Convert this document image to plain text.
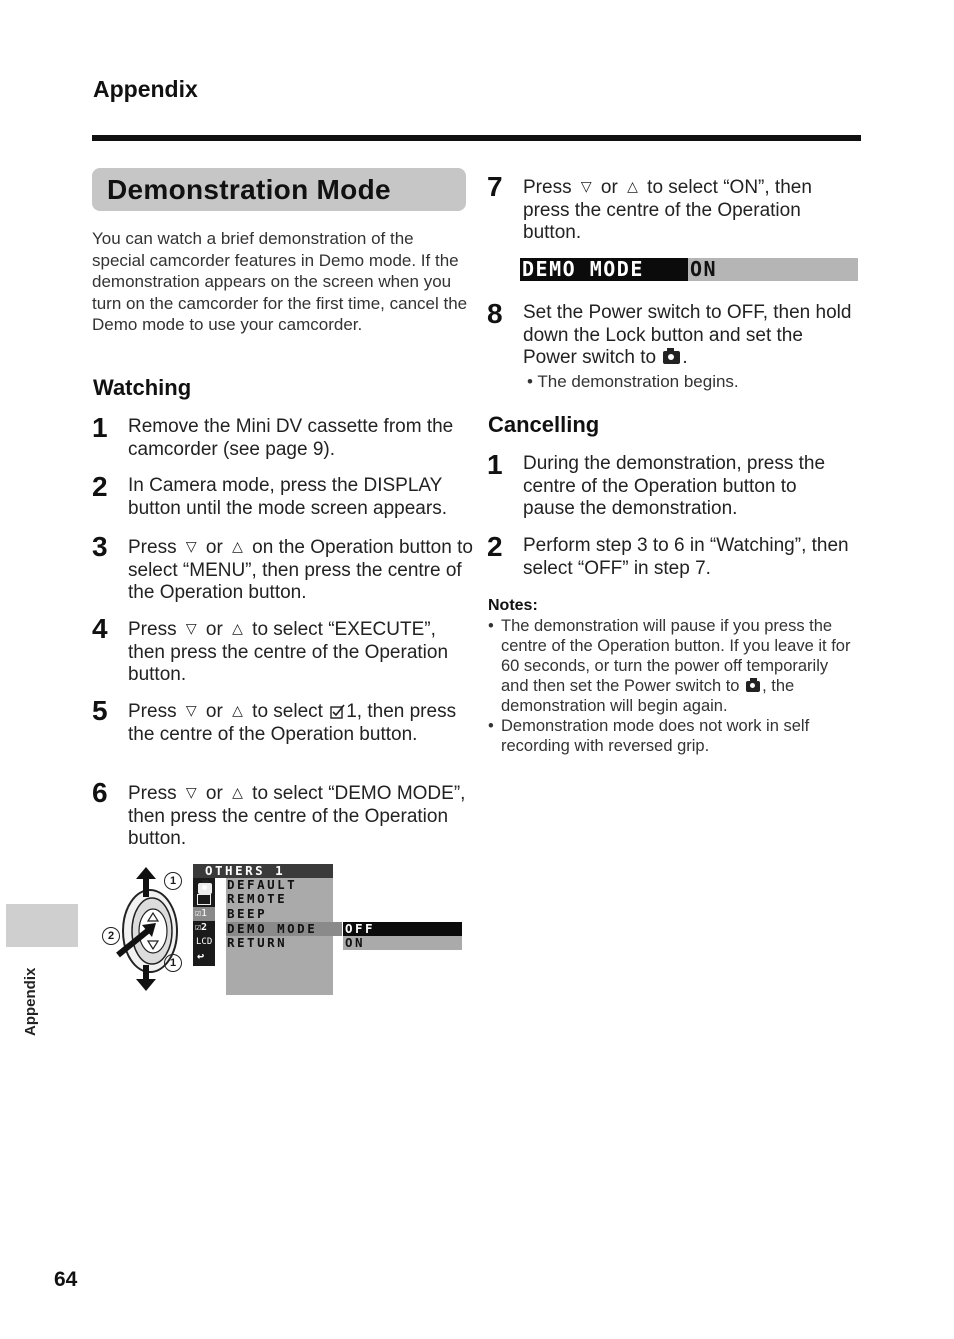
Appendix
Demonstration Mode
You can watch a brief demonstration of the special camcorder features in Demo mode. If the demonstration appears on the screen when you turn on the camcorder for the first time, cancel the Demo mode to use your camcorder.
Watching
1	Remove the Mini DV cassette from the camcorder (see page 9).
2	In Camera mode, press the DISPLAY button until the mode screen appears.
3	Press ▽ or △ on the Operation button to select “MENU”, then press the centre of the Operation button.
4	Press ▽ or △ to select “EXECUTE”, then press the centre of the Operation button.
5	Press ▽ or △ to select 1, then press the centre of the Operation button.
6	Press ▽ or △ to select “DEMO MODE”, then press the centre of the Operation button.
1
2
1
OTHERS 1
☑1
☑2
LCD
↩
DEFAULT
REMOTE
BEEP
DEMO MODE
RETURN
OFF
ON
7	Press ▽ or △ to select “ON”, then press the centre of the Operation button.
DEMO MODE ON
8	Set the Power switch to OFF, then hold down the Lock button and set the Power switch to .
• The demonstration begins.
Cancelling
1	During the demonstration, press the centre of the Operation button to pause the demonstration.
2	Perform step 3 to 6 in “Watching”, then select “OFF” in step 7.
Notes:
• The demonstration will pause if you press the centre of the Operation button. If you leave it for 60 seconds, or turn the power off temporarily and then set the Power switch to , the demonstration will begin again.
• Demonstration mode does not work in self recording with reversed grip.
Appendix
64
